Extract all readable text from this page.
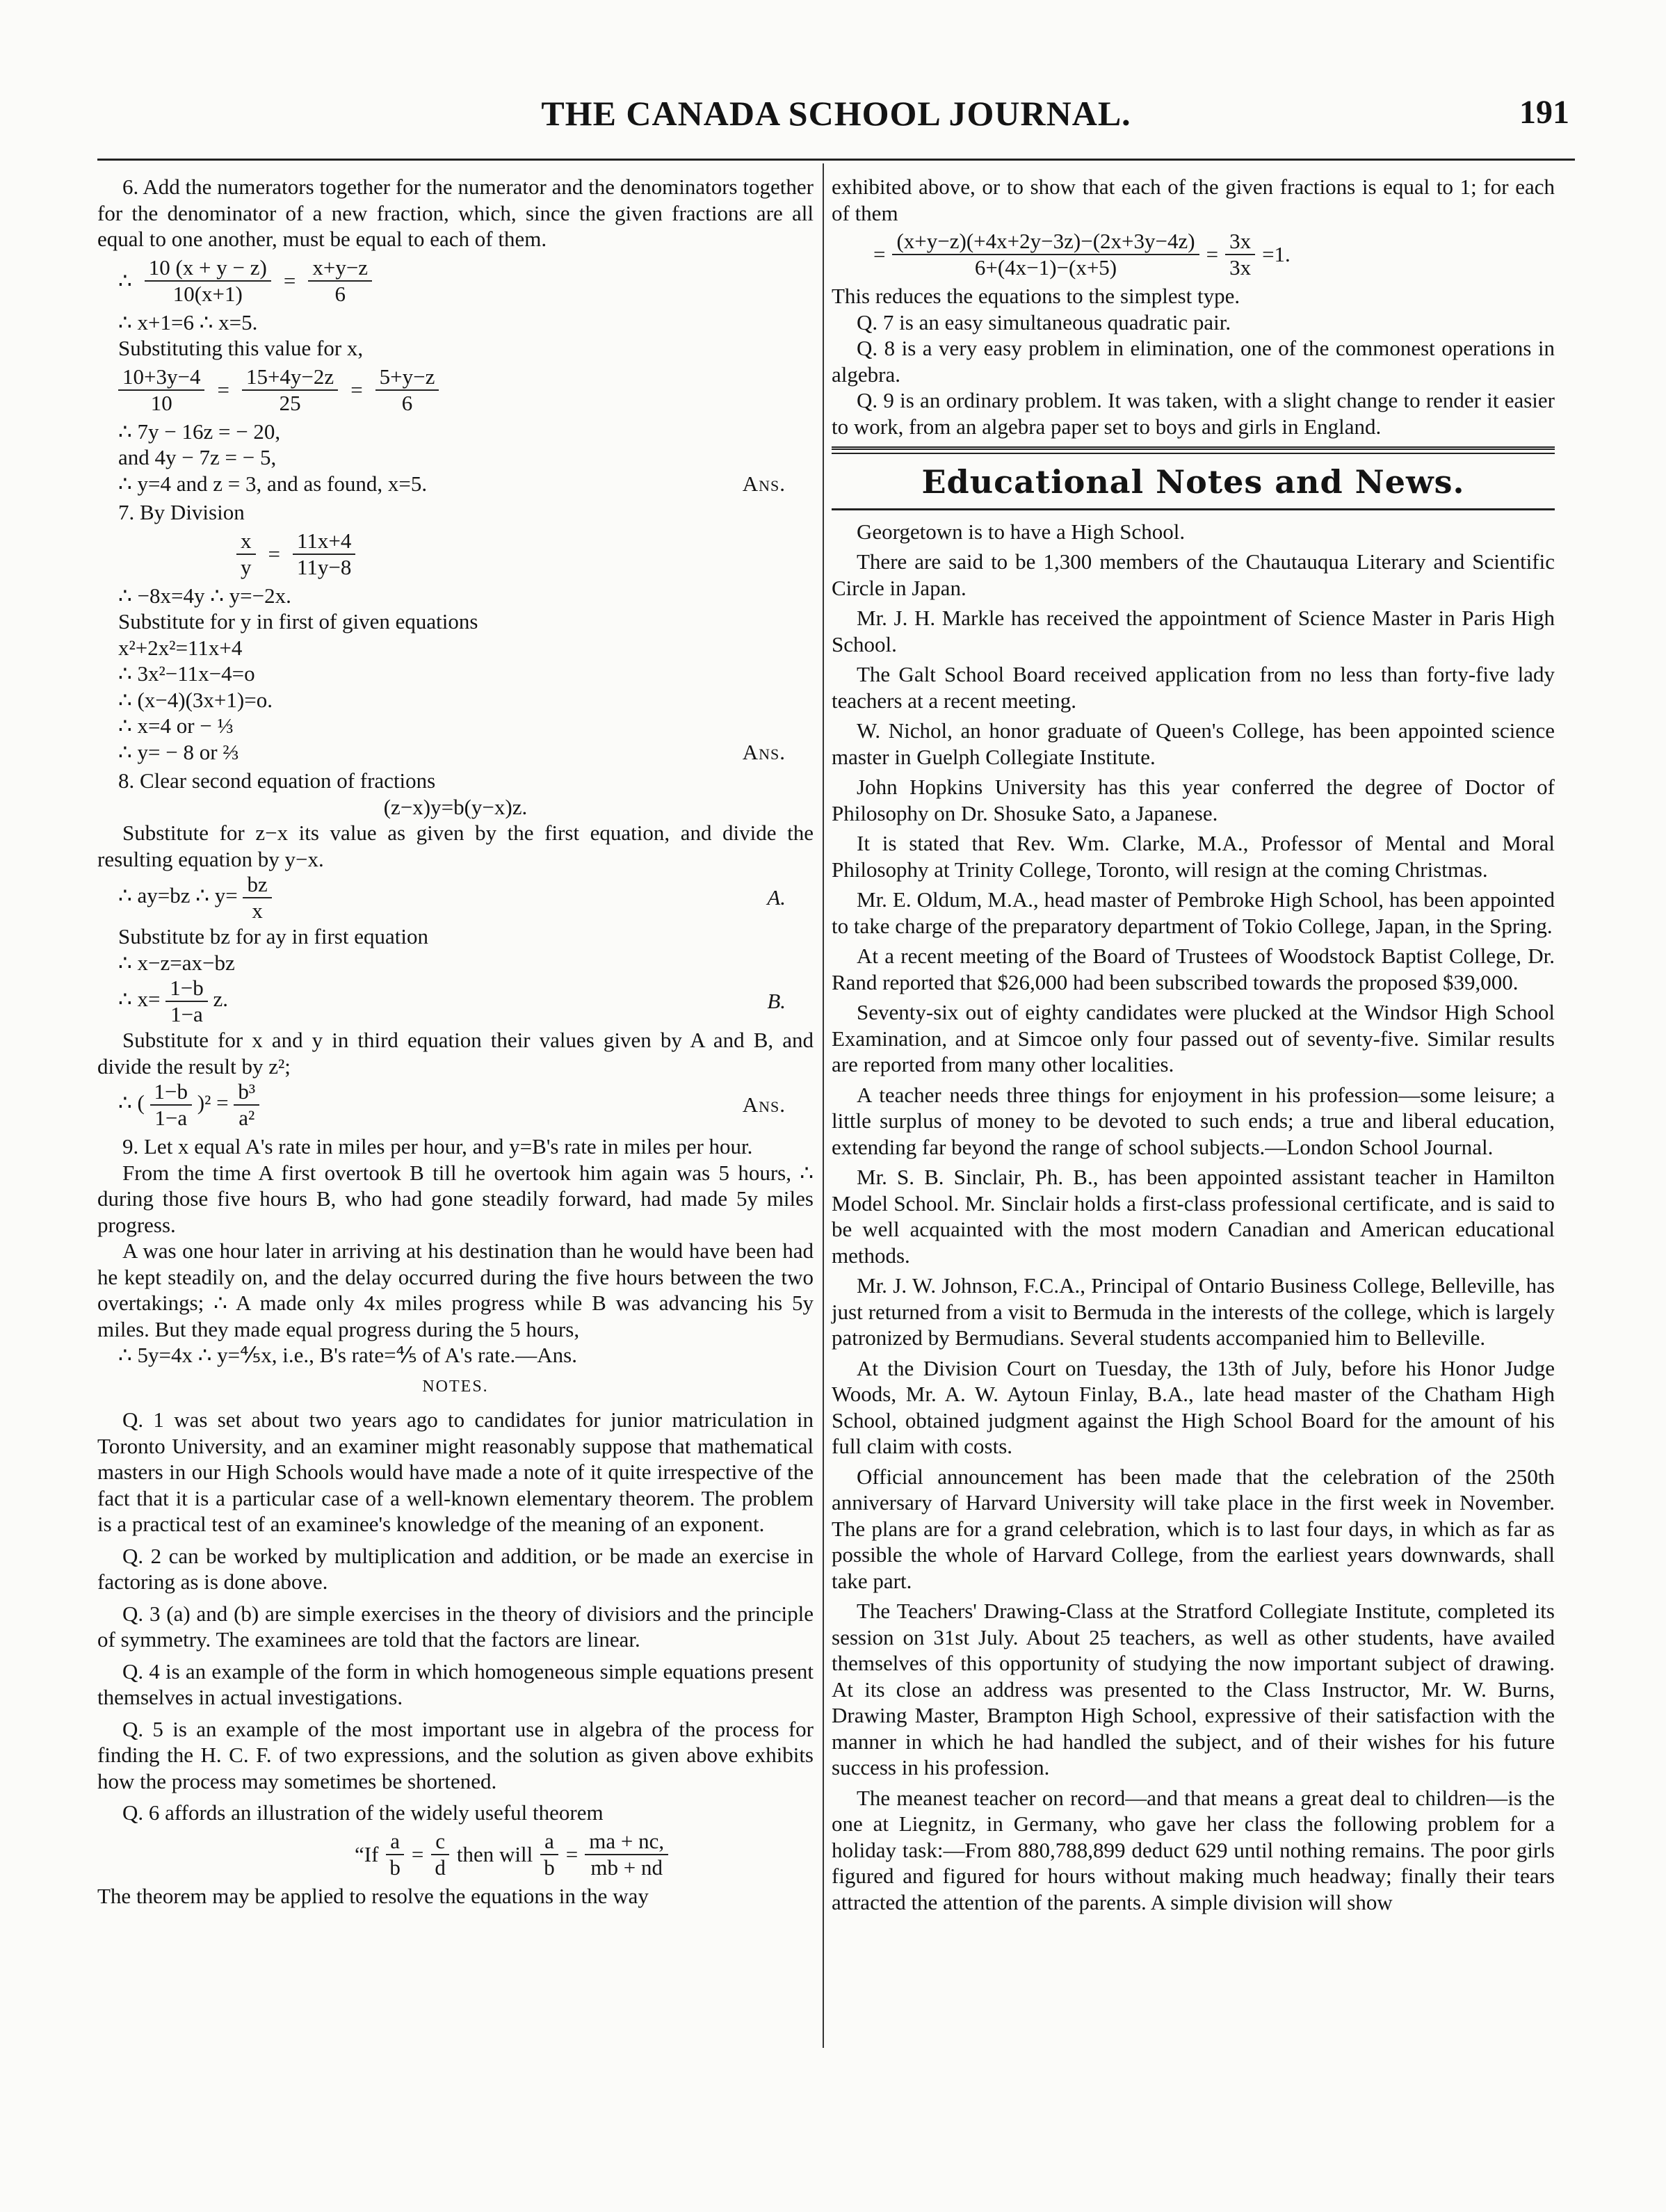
THE CANADA SCHOOL JOURNAL.	191

6. Add the numerators together for the numerator and the denominators together for the denominator of a new fraction, which, since the given fractions are all equal to one another, must be equal to each of them.

∴ $\frac{10 (x + y - z)}{10(x+1)} = \frac{x+y-z}{6}$

∴ x+1=6 ∴ x=5.

Substituting this value for x,

$\frac{10+3y-4}{10} = \frac{15+4y-2z}{25} = \frac{5+y-z}{6}$

∴ 7y − 16z = − 20,

and 4y − 7z = − 5,

∴ y=4 and z = 3, and as found, x=5.	Ans.

7. By Division

$\frac{x}{y} = \frac{11x+4}{11y-8}$

∴ −8x=4y ∴ y=−2x.

Substitute for y in first of given equations

x²+2x²=11x+4

∴ 3x²−11x−4=o

∴ (x−4)(3x+1)=o.

∴ x=4 or − ⅓

∴ y= − 8 or ⅔	Ans.

8. Clear second equation of fractions

(z−x)y=b(y−x)z.

Substitute for z−x its value as given by the first equation, and divide the resulting equation by y−x.

∴ ay=bz ∴ $y= \frac{bz}{x}$	A.

Substitute bz for ay in first equation

∴ x−z=ax−bz

∴ $x= \frac{1-b}{1-a} z$.	B.

Substitute for x and y in third equation their values given by A and B, and divide the result by z²;

∴ ( $\frac{1-b}{1-a} )^2 = \frac{\text{b³}}{\text{a²}}$	Ans.

9. Let x equal A's rate in miles per hour, and y=B's rate in miles per hour.

From the time A first overtook B till he overtook him again was 5 hours, ∴ during those five hours B, who had gone steadily forward, had made 5y miles progress.

A was one hour later in arriving at his destination than he would have been had he kept steadily on, and the delay occurred during the five hours between the two overtakings; ∴ A made only 4x miles progress while B was advancing his 5y miles. But they made equal progress during the 5 hours,

∴ 5y=4x ∴ y=⅘x, i.e., B's rate=⅘ of A's rate.—Ans.

NOTES.

Q. 1 was set about two years ago to candidates for junior matriculation in Toronto University, and an examiner might reasonably suppose that mathematical masters in our High Schools would have made a note of it quite irrespective of the fact that it is a particular case of a well-known elementary theorem. The problem is a practical test of an examinee's knowledge of the meaning of an exponent.

Q. 2 can be worked by multiplication and addition, or be made an exercise in factoring as is done above.

Q. 3 (a) and (b) are simple exercises in the theory of divisiors and the principle of symmetry. The examinees are told that the factors are linear.

Q. 4 is an example of the form in which homogeneous simple equations present themselves in actual investigations.

Q. 5 is an example of the most important use in algebra of the process for finding the H. C. F. of two expressions, and the solution as given above exhibits how the process may sometimes be shortened.

Q. 6 affords an illustration of the widely useful theorem

“$If \frac{a}{b} = \frac{c}{d}$ then will $\frac{a}{b} = \frac{ma + nc,}{mb + nd}$

The theorem may be applied to resolve the equations in the way

exhibited above, or to show that each of the given fractions is equal to 1; for each of them

= $\frac{(x+y-z)(+4x+2y-3z)-(2x+3y-4z)}{6+(4x-1)-(x+5)} = \frac{3x}{3x} =1$.

This reduces the equations to the simplest type.

Q. 7 is an easy simultaneous quadratic pair.

Q. 8 is a very easy problem in elimination, one of the commonest operations in algebra.

Q. 9 is an ordinary problem. It was taken, with a slight change to render it easier to work, from an algebra paper set to boys and girls in England.

Educational Notes and News.

Georgetown is to have a High School.

There are said to be 1,300 members of the Chautauqua Literary and Scientific Circle in Japan.

Mr. J. H. Markle has received the appointment of Science Master in Paris High School.

The Galt School Board received application from no less than forty-five lady teachers at a recent meeting.

W. Nichol, an honor graduate of Queen's College, has been appointed science master in Guelph Collegiate Institute.

John Hopkins University has this year conferred the degree of Doctor of Philosophy on Dr. Shosuke Sato, a Japanese.

It is stated that Rev. Wm. Clarke, M.A., Professor of Mental and Moral Philosophy at Trinity College, Toronto, will resign at the coming Christmas.

Mr. E. Oldum, M.A., head master of Pembroke High School, has been appointed to take charge of the preparatory department of Tokio College, Japan, in the Spring.

At a recent meeting of the Board of Trustees of Woodstock Baptist College, Dr. Rand reported that $26,000 had been subscribed towards the proposed $39,000.

Seventy-six out of eighty candidates were plucked at the Windsor High School Examination, and at Simcoe only four passed out of seventy-five. Similar results are reported from many other localities.

A teacher needs three things for enjoyment in his profession—some leisure; a little surplus of money to be devoted to such ends; a true and liberal education, extending far beyond the range of school subjects.—London School Journal.

Mr. S. B. Sinclair, Ph. B., has been appointed assistant teacher in Hamilton Model School. Mr. Sinclair holds a first-class professional certificate, and is said to be well acquainted with the most modern Canadian and American educational methods.

Mr. J. W. Johnson, F.C.A., Principal of Ontario Business College, Belleville, has just returned from a visit to Bermuda in the interests of the college, which is largely patronized by Bermudians. Several students accompanied him to Belleville.

At the Division Court on Tuesday, the 13th of July, before his Honor Judge Woods, Mr. A. W. Aytoun Finlay, B.A., late head master of the Chatham High School, obtained judgment against the High School Board for the amount of his full claim with costs.

Official announcement has been made that the celebration of the 250th anniversary of Harvard University will take place in the first week in November. The plans are for a grand celebration, which is to last four days, in which as far as possible the whole of Harvard College, from the earliest years downwards, shall take part.

The Teachers' Drawing-Class at the Stratford Collegiate Institute, completed its session on 31st July. About 25 teachers, as well as other students, have availed themselves of this opportunity of studying the now important subject of drawing. At its close an address was presented to the Class Instructor, Mr. W. Burns, Drawing Master, Brampton High School, expressive of their satisfaction with the manner in which he had handled the subject, and of their wishes for his future success in his profession.

The meanest teacher on record—and that means a great deal to children—is the one at Liegnitz, in Germany, who gave her class the following problem for a holiday task:—From 880,788,899 deduct 629 until nothing remains. The poor girls figured and figured for hours without making much headway; finally their tears attracted the attention of the parents. A simple division will show
